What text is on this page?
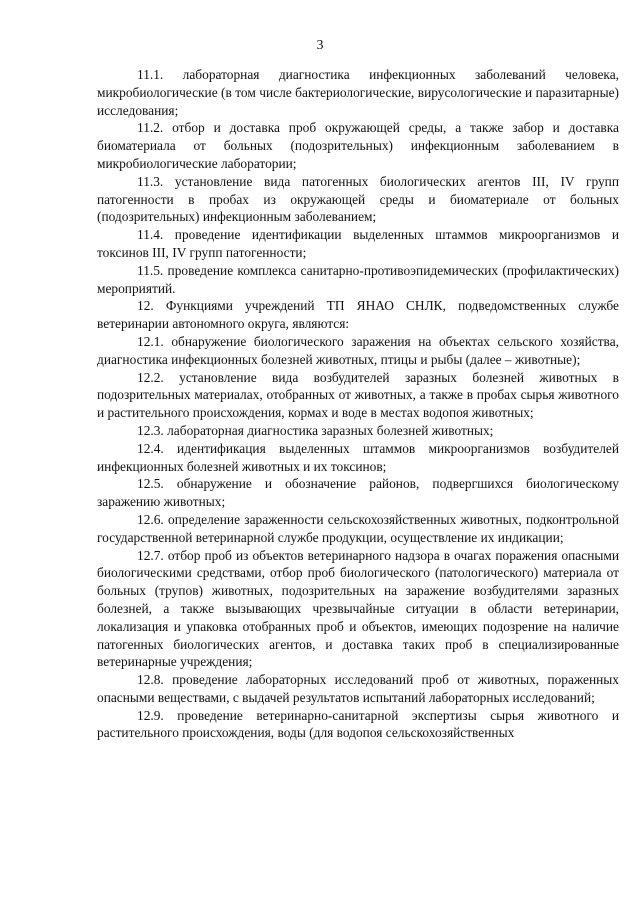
3

11.1. лабораторная диагностика инфекционных заболеваний человека, микробиологические (в том числе бактериологические, вирусологические и паразитарные) исследования;

11.2. отбор и доставка проб окружающей среды, а также забор и доставка биоматериала от больных (подозрительных) инфекционным заболеванием в микробиологические лаборатории;

11.3. установление вида патогенных биологических агентов III, IV групп патогенности в пробах из окружающей среды и биоматериале от больных (подозрительных) инфекционным заболеванием;

11.4. проведение идентификации выделенных штаммов микроорганизмов и токсинов III, IV групп патогенности;

11.5. проведение комплекса санитарно-противоэпидемических (профилактических) мероприятий.

12. Функциями учреждений ТП ЯНАО СНЛК, подведомственных службе ветеринарии автономного округа, являются:

12.1. обнаружение биологического заражения на объектах сельского хозяйства, диагностика инфекционных болезней животных, птицы и рыбы (далее – животные);

12.2. установление вида возбудителей заразных болезней животных в подозрительных материалах, отобранных от животных, а также в пробах сырья животного и растительного происхождения, кормах и воде в местах водопоя животных;

12.3. лабораторная диагностика заразных болезней животных;

12.4. идентификация выделенных штаммов микроорганизмов возбудителей инфекционных болезней животных и их токсинов;

12.5. обнаружение и обозначение районов, подвергшихся биологическому заражению животных;

12.6. определение зараженности сельскохозяйственных животных, подконтрольной государственной ветеринарной службе продукции, осуществление их индикации;

12.7. отбор проб из объектов ветеринарного надзора в очагах поражения опасными биологическими средствами, отбор проб биологического (патологического) материала от больных (трупов) животных, подозрительных на заражение возбудителями заразных болезней, а также вызывающих чрезвычайные ситуации в области ветеринарии, локализация и упаковка отобранных проб и объектов, имеющих подозрение на наличие патогенных биологических агентов, и доставка таких проб в специализированные ветеринарные учреждения;

12.8. проведение лабораторных исследований проб от животных, пораженных опасными веществами, с выдачей результатов испытаний лабораторных исследований;

12.9. проведение ветеринарно-санитарной экспертизы сырья животного и растительного происхождения, воды (для водопоя сельскохозяйственных
